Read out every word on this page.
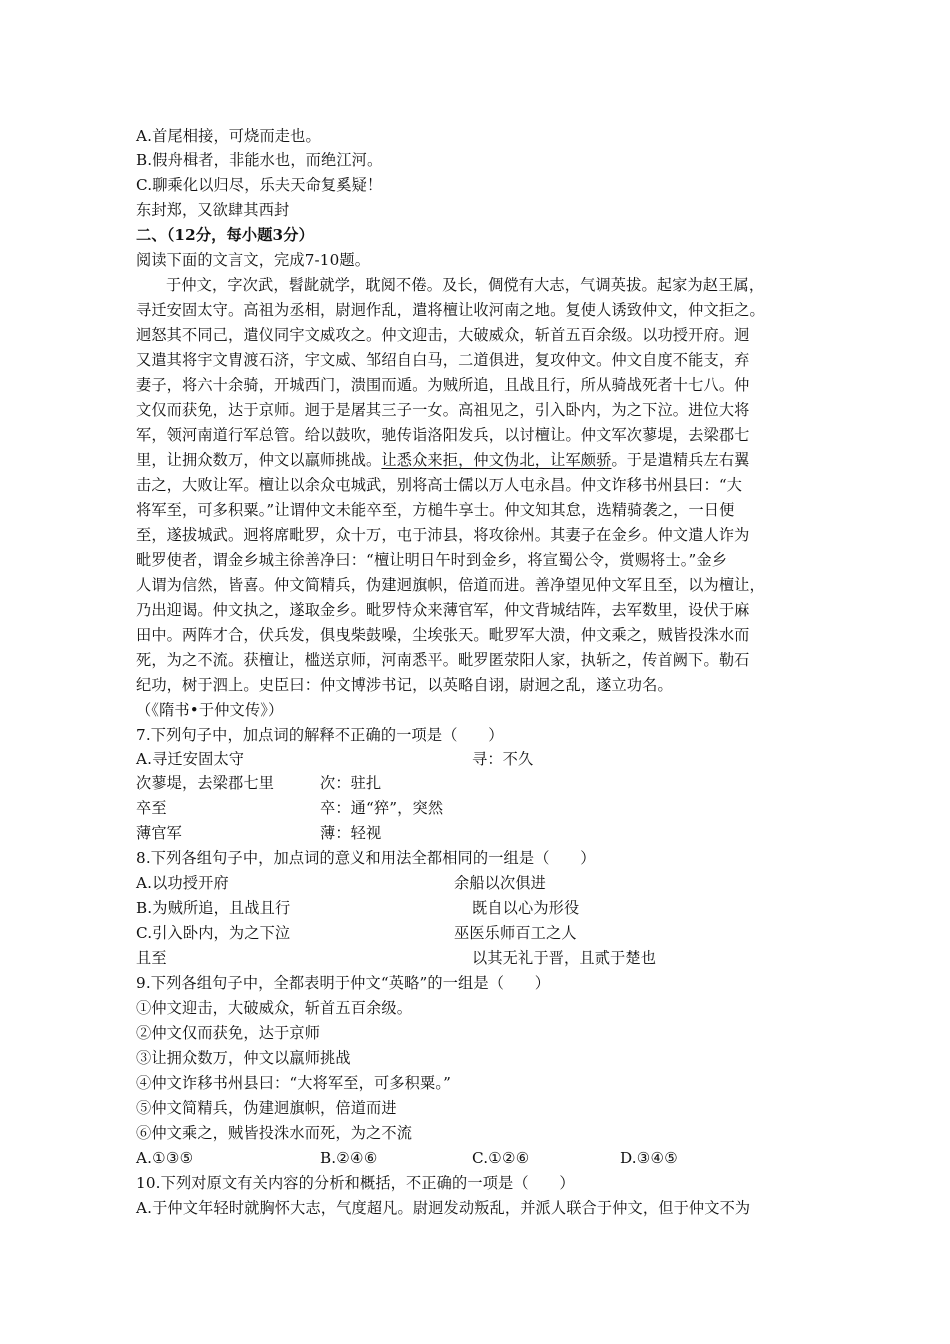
A.首尾相接，可烧而走也。
B.假舟楫者，非能水也，而绝江河。
C.聊乘化以归尽，乐夫天命复奚疑！
东封郑，又欲肆其西封
二、（12分，每小题3分）
阅读下面的文言文，完成7-10题。
于仲文，字次武，髫龀就学，耽阅不倦。及长，倜傥有大志，气调英拔。起家为赵王属，
寻迁安固太守。高祖为丞相，尉迥作乱，遣将檀让收河南之地。复使人诱致仲文，仲文拒之。
迥怒其不同己，遣仪同宇文威攻之。仲文迎击，大破威众，斩首五百余级。以功授开府。迥
又遣其将宇文胄渡石济，宇文威、邹绍自白马，二道俱进，复攻仲文。仲文自度不能支，弃
妻子，将六十余骑，开城西门，溃围而遁。为贼所追，且战且行，所从骑战死者十七八。仲
文仅而获免，达于京师。迥于是屠其三子一女。高祖见之，引入卧内，为之下泣。进位大将
军，领河南道行军总管。给以鼓吹，驰传诣洛阳发兵，以讨檀让。仲文军次蓼堤，去梁郡七
里，让拥众数万，仲文以羸师挑战。让悉众来拒，仲文伪北，让军颇骄。于是遣精兵左右翼
击之，大败让军。檀让以余众屯城武，别将高士儒以万人屯永昌。仲文诈移书州县曰：“大
将军至，可多积粟。”让谓仲文未能卒至，方槌牛享士。仲文知其怠，选精骑袭之，一日便
至，遂拔城武。迥将席毗罗，众十万，屯于沛县，将攻徐州。其妻子在金乡。仲文遣人诈为
毗罗使者，谓金乡城主徐善净曰：“檀让明日午时到金乡，将宣蜀公令，赏赐将士。”金乡
人谓为信然，皆喜。仲文简精兵，伪建迥旗帜，倍道而进。善净望见仲文军且至，以为檀让，
乃出迎谒。仲文执之，遂取金乡。毗罗恃众来薄官军，仲文背城结阵，去军数里，设伏于麻
田中。两阵才合，伏兵发，俱曳柴鼓噪，尘埃张天。毗罗军大溃，仲文乘之，贼皆投洙水而
死，为之不流。获檀让，槛送京师，河南悉平。毗罗匿荥阳人家，执斩之，传首阙下。勒石
纪功，树于泗上。史臣曰：仲文博涉书记，以英略自诩，尉迥之乱，遂立功名。
（《隋书•于仲文传》）
7.下列句子中，加点词的解释不正确的一项是（　　）
A.寻迁安固太守	寻：不久
次蓼堤，去梁郡七里	次：驻扎
卒至	卒：通“猝”，突然
薄官军	薄：轻视
8.下列各组句子中，加点词的意义和用法全都相同的一组是（　　）
A.以功授开府	余船以次俱进
B.为贼所追，且战且行	既自以心为形役
C.引入卧内，为之下泣	巫医乐师百工之人
且至	以其无礼于晋，且贰于楚也
9.下列各组句子中，全都表明于仲文“英略”的一组是（　　）
①仲文迎击，大破威众，斩首五百余级。
②仲文仅而获免，达于京师
③让拥众数万，仲文以羸师挑战
④仲文诈移书州县曰：“大将军至，可多积粟。”
⑤仲文简精兵，伪建迥旗帜，倍道而进
⑥仲文乘之，贼皆投洙水而死，为之不流
A.①③⑤	B.②④⑥	C.①②⑥	D.③④⑤
10.下列对原文有关内容的分析和概括，不正确的一项是（　　）
A.于仲文年轻时就胸怀大志，气度超凡。尉迥发动叛乱，并派人联合于仲文，但于仲文不为
